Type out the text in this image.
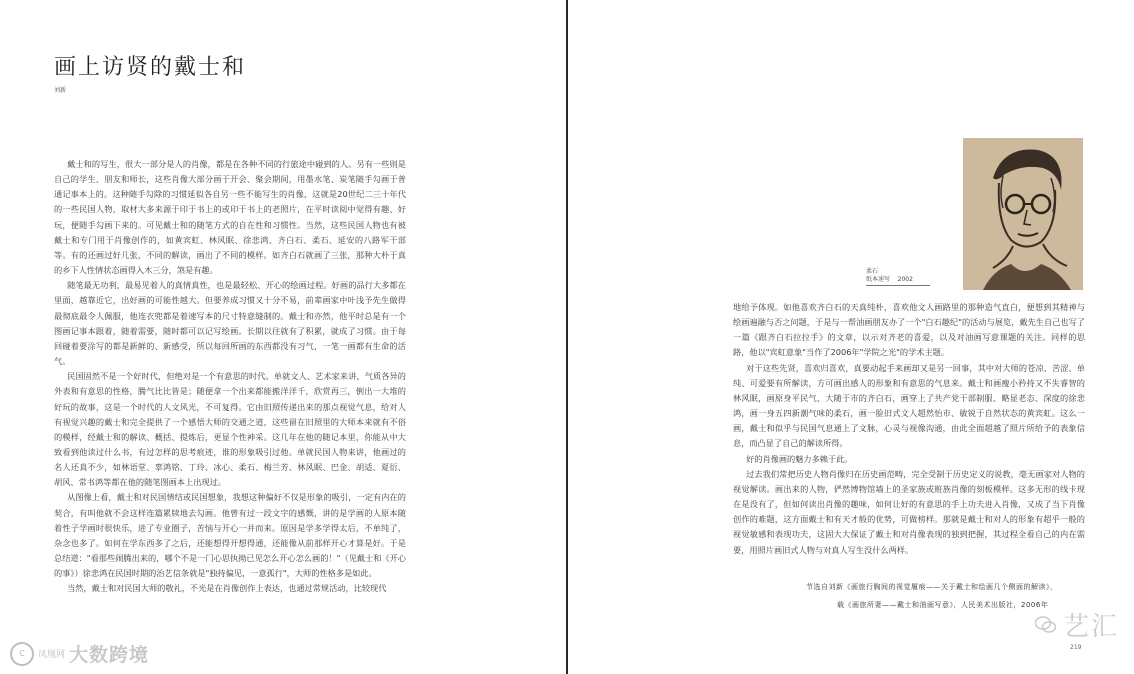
画上访贤的戴士和
刘新

戴士和的写生，很大一部分是人的肖像，都是在各种不同的行旅途中碰到的人。另有一些则是自己的学生、朋友和师长，这些肖像大部分画于开会、聚会期间，用墨水笔、炭笔随手勾画于普通记事本上的。这种随手勾除的习惯延似各自另一些不能写生的肖像，这就是20世纪二三十年代的一些民国人物，取材大多来源于印于书上的或印于书上的老照片，在平时读阅中觉得有趣、好玩，便随手勾画下来的。可见戴士和的随笔方式的自在性和习惯性。当然，这些民国人物也有被戴士和专门用于肖像创作的，如黄宾虹、林风眠、徐悲鸿、齐白石、柔石、延安的八路军干部等。有的还画过好几张，不同的解读，画出了不同的模样。如齐白石就画了三张，那种大朴于真的乡下人性情状态画得入木三分，煞是有趣。

随笔最无功利，最易见着人的真情真性，也是最轻松、开心的绘画过程。好画的品行大多都在里面，越靠近它，出好画的可能性越大。但要养成习惯又十分不易，前辈画家中叶浅予先生做得最彻底最令人佩服，他连衣兜都是着速写本的尺寸特意缝制的。戴士和亦然，他平时总是有一个图画记事本跟着，随着需要，随时都可以记写绘画。长期以往就有了积累，就成了习惯。由于每回碰着要涂写的都是新鲜的、新感受，所以每回所画的东西都没有习气，一笔一画都有生命的活气。

民国固然不是一个好时代，但绝对是一个有意思的时代。单就文人、艺术家来讲，气质各异的外表和有意思的性格，腾气比比皆是；随便拿一个出来都能搬洋洋千，欣赏再三，倒出一大堆的好玩的故事，这是一个时代的人文风光，不可复得。它由旧照传递出来的那点视觉气息，给对人有视觉兴趣的戴士和完全提供了一个感悟大师的交通之道，这些留在旧照里的大师本来就有不俗的模样，经戴士和的解读、概括、提炼后，更显个性神采。这几年在他的随记本里，你能从中大致看到他读过什么书，有过怎样的思考痕迹，谁的形象吸引过他。单就民国人物来讲，他画过的名人还真不少，如林语堂、辜鸿铭、丁玲、冰心、柔石、梅兰芳、林风眠、巴金、胡适、夏衍、胡风、常书鸿等都在他的随笔图画本上出现过。

从图像上看，戴士和对民国情结或民国想象，我想这种偏好不仅是形象的吸引，一定有内在的契合，有叫他就不会这样连篇累牍地去勾画。他曾有过一段文字的感慨，讲的是学画的人原本随着性子学画时很快乐，进了专业圈子，苦恼与开心一并而来。原因是学多学得太后，不单纯了，杂念也多了。如何在学东西多了之后，还能想得开想得通，还能像从前那样开心才算是好。于是总结道："看那些闹腾出来的，哪个不是一门心思执拗已见怎么开心怎么画的！"（见戴士和《开心的事》）徐悲鸿在民国时期的治艺信条就是"独持偏见，一意孤行"，大师的性格多是如此。

当然，戴士和对民国大师的敬礼，不光是在肖像创作上表达，也通过常规活动，比较现代

柔石
纸本速写 2002

地给予体现。如他喜欢齐白石的天真纯朴，喜欢他文人画路里的那种造气直白，便想到其精神与绘画遍融与否之问题，于是与一帮油画朋友办了一个"白石趣纪"的活动与展览，戴先生自己也写了一篇《跟齐白石拉拉手》的文章，以示对齐老的喜爱，以及对油画写意课题的关注。同样的思路，他以"宾虹意象"当作了2006年"学院之光"的学术主题。

对于这些先贤，喜欢归喜欢，真要动起手来画却又是另一回事，其中对大师的苍凉、苦涩、单纯、可爱要有所解读，方可画出感人的形象和有意思的气息来。戴士和画瘦小矜持又不失睿智的林风眠，画原身平民气、大随于市的齐白石，画穿上了共产党干部制服、略显老态、深度的徐悲鸿，画一身五四新潮气味的柔石，画一脸旧式文人超然怡市、敏锐于自然状态的黄宾虹。这么一画，戴士和似乎与民国气息通上了文脉，心灵与视像沟通，由此全面超越了照片所给予的表象信息，而凸显了自己的解读所得。

好的肖像画的魅力多赖于此。

过去我们常把历史人物肖像归在历史画范畴，完全受制于历史定义的说教，毫无画家对人物的视觉解读。画出来的人物，俨然博物馆墙上的圣家族或赃族肖像的刻板模样。这多无形的线卡现在是没有了，但如何读出肖像的趣味，如何让好的有意思的手上功夫进入肖像，又成了当下肖像创作的难题，这方面戴士和有天才般的优势，可做榜样。那就是戴士和对人的形象有超乎一般的视觉敏感和表现功夫，这固大大保证了戴士和对肖像表现的独到把握，其过程全看自己的内在需要，用照片画旧式人物与对真人写生没什么两样。

节选自刘新《画旅行胸间的视觉履痕——关于戴士和绘画几个侧面的解读》，
载《画旅所妻——戴士和油画写意》，人民美术出版社，2006年
219
C	凤凰网 大数跨境
艺汇
